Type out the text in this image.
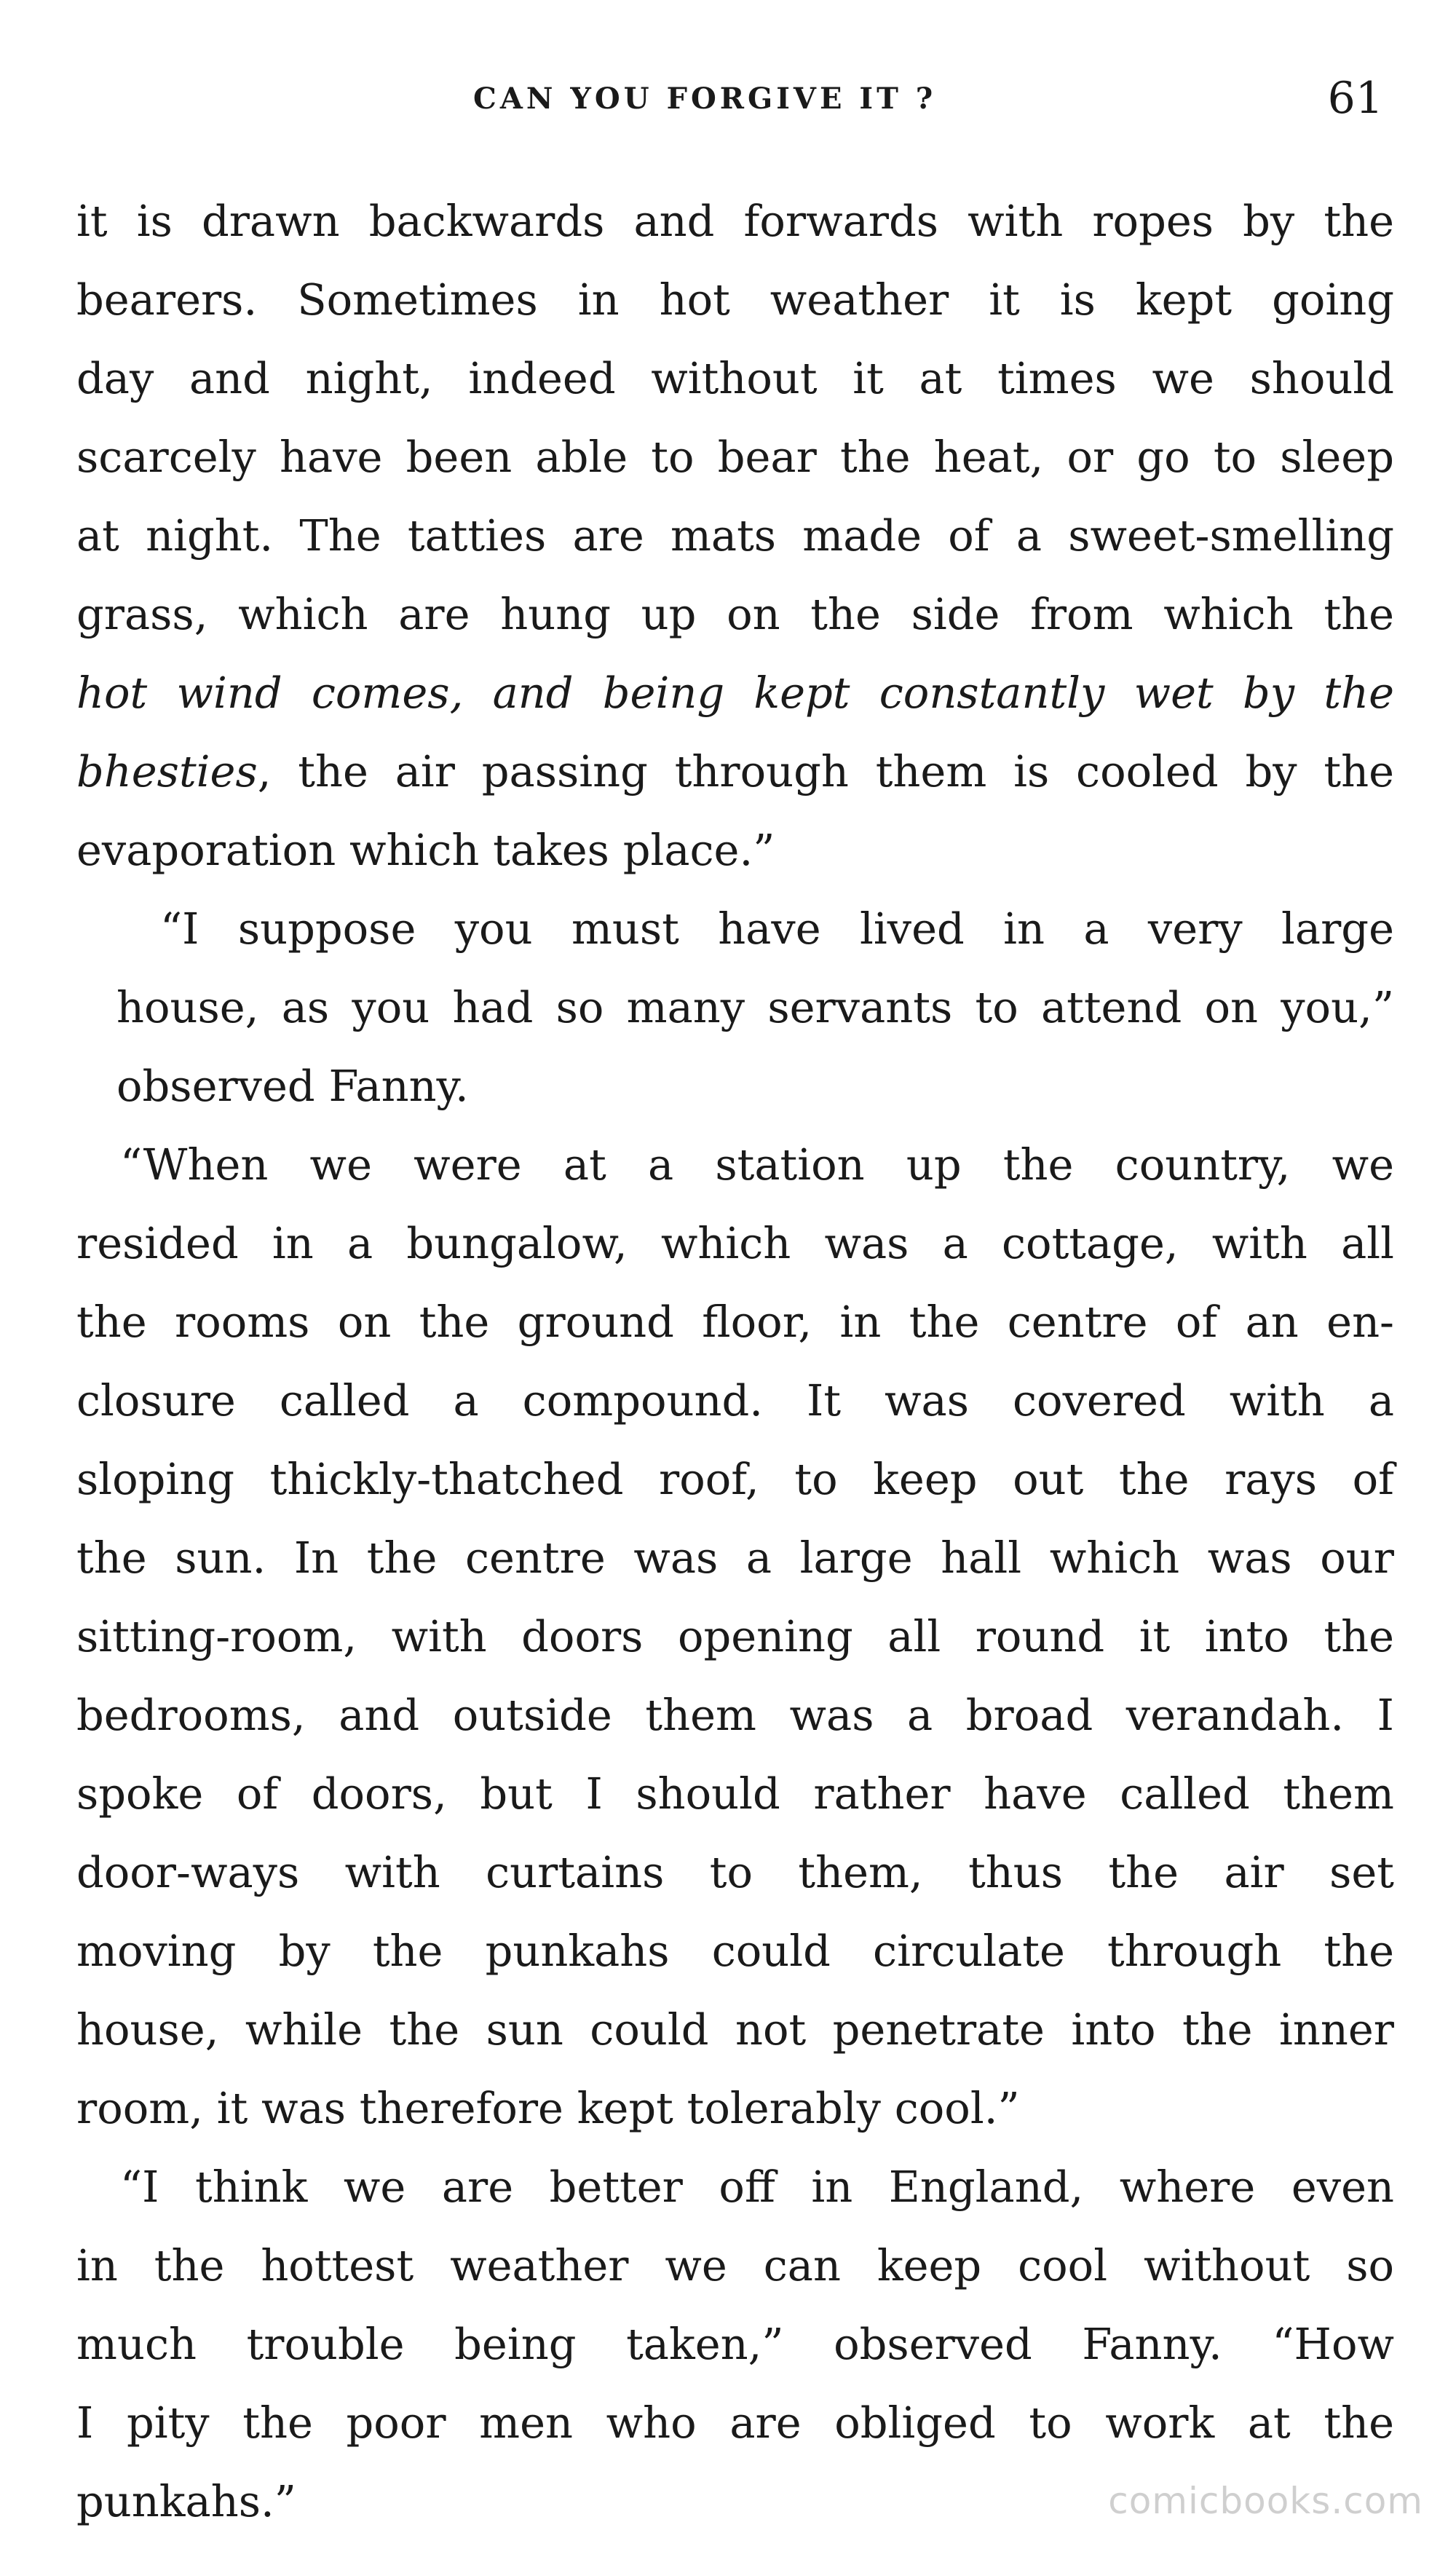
CAN YOU FORGIVE IT ?	61
it is drawn backwards and forwards with ropes by the
bearers. Sometimes in hot weather it is kept going
day and night, indeed without it at times we should
scarcely have been able to bear the heat, or go to sleep
at night. The tatties are mats made of a sweet-smelling
grass, which are hung up on the side from which the
hot wind comes, and being kept constantly wet by the
bhesties, the air passing through them is cooled by the
evaporation which takes place.”
“I suppose you must have lived in a very large
house, as you had so many servants to attend on you,”
observed Fanny.
“When we were at a station up the country, we
resided in a bungalow, which was a cottage, with all
the rooms on the ground floor, in the centre of an en-
closure called a compound. It was covered with a
sloping thickly-thatched roof, to keep out the rays of
the sun. In the centre was a large hall which was our
sitting-room, with doors opening all round it into the
bedrooms, and outside them was a broad verandah. I
spoke of doors, but I should rather have called them
door-ways with curtains to them, thus the air set
moving by the punkahs could circulate through the
house, while the sun could not penetrate into the inner
room, it was therefore kept tolerably cool.”
“I think we are better off in England, where even
in the hottest weather we can keep cool without so
much trouble being taken,” observed Fanny. “How
I pity the poor men who are obliged to work at the
punkahs.”	comicbooks.com
